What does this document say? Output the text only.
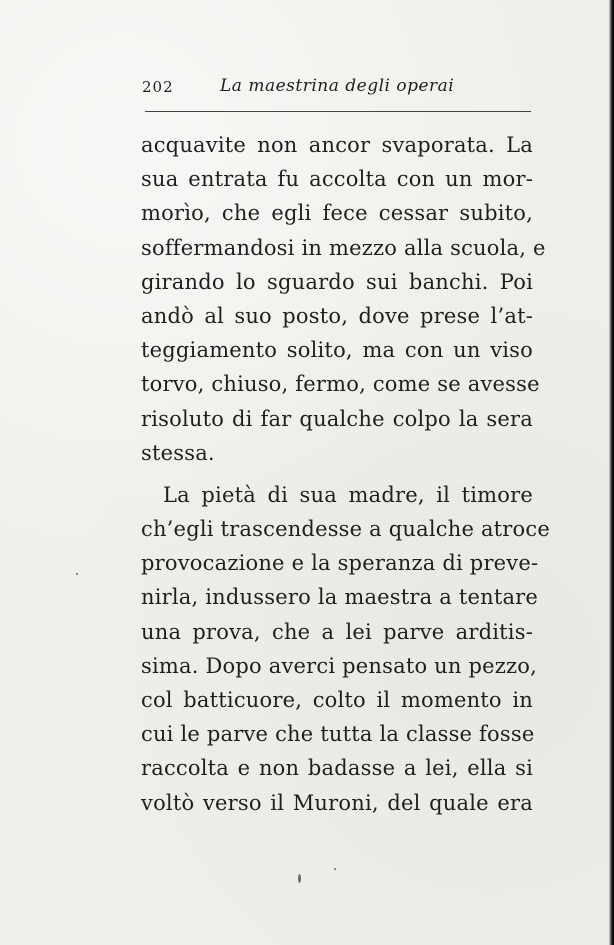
202	La maestrina degli operai
acquavite non ancor svaporata. La
sua entrata fu accolta con un mor-
morìo, che egli fece cessar subito,
soffermandosi in mezzo alla scuola, e
girando lo sguardo sui banchi. Poi
andò al suo posto, dove prese l’at-
teggiamento solito, ma con un viso
torvo, chiuso, fermo, come se avesse
risoluto di far qualche colpo la sera
stessa.
La pietà di sua madre, il timore
ch’egli trascendesse a qualche atroce
provocazione e la speranza di preve-
nirla, indussero la maestra a tentare
una prova, che a lei parve arditis-
sima. Dopo averci pensato un pezzo,
col batticuore, colto il momento in
cui le parve che tutta la classe fosse
raccolta e non badasse a lei, ella si
voltò verso il Muroni, del quale era
